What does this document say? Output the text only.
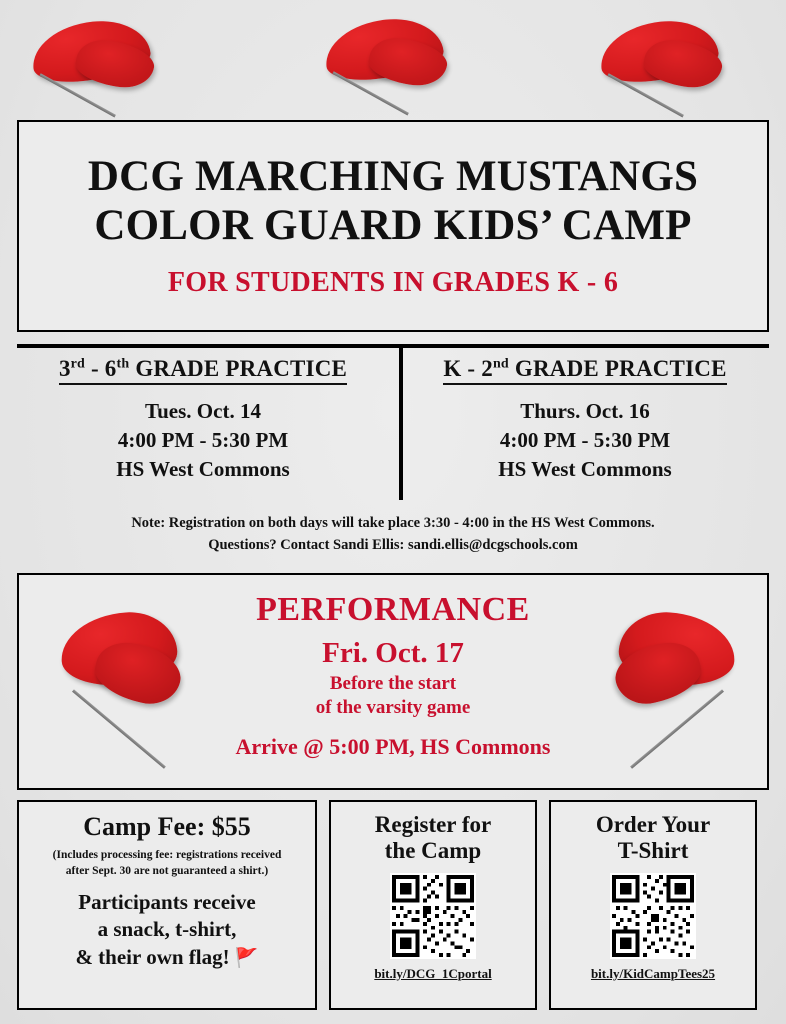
DCG MARCHING MUSTANGS
COLOR GUARD KIDS’ CAMP
FOR STUDENTS IN GRADES K - 6
3rd - 6th GRADE PRACTICE
Tues. Oct. 14
4:00 PM - 5:30 PM
HS West Commons
K - 2nd GRADE PRACTICE
Thurs. Oct. 16
4:00 PM - 5:30 PM
HS West Commons
Note: Registration on both days will take place 3:30 - 4:00 in the HS West Commons.
Questions? Contact Sandi Ellis: sandi.ellis@dcgschools.com
PERFORMANCE
Fri. Oct. 17
Before the start
of the varsity game
Arrive @ 5:00 PM, HS Commons
Camp Fee: $55
(Includes processing fee: registrations received after Sept. 30 are not guaranteed a shirt.)
Participants receive
a snack, t-shirt,
& their own flag! 🚩
Register for
the Camp
bit.ly/DCG_1Cportal
Order Your
T-Shirt
bit.ly/KidCampTees25
